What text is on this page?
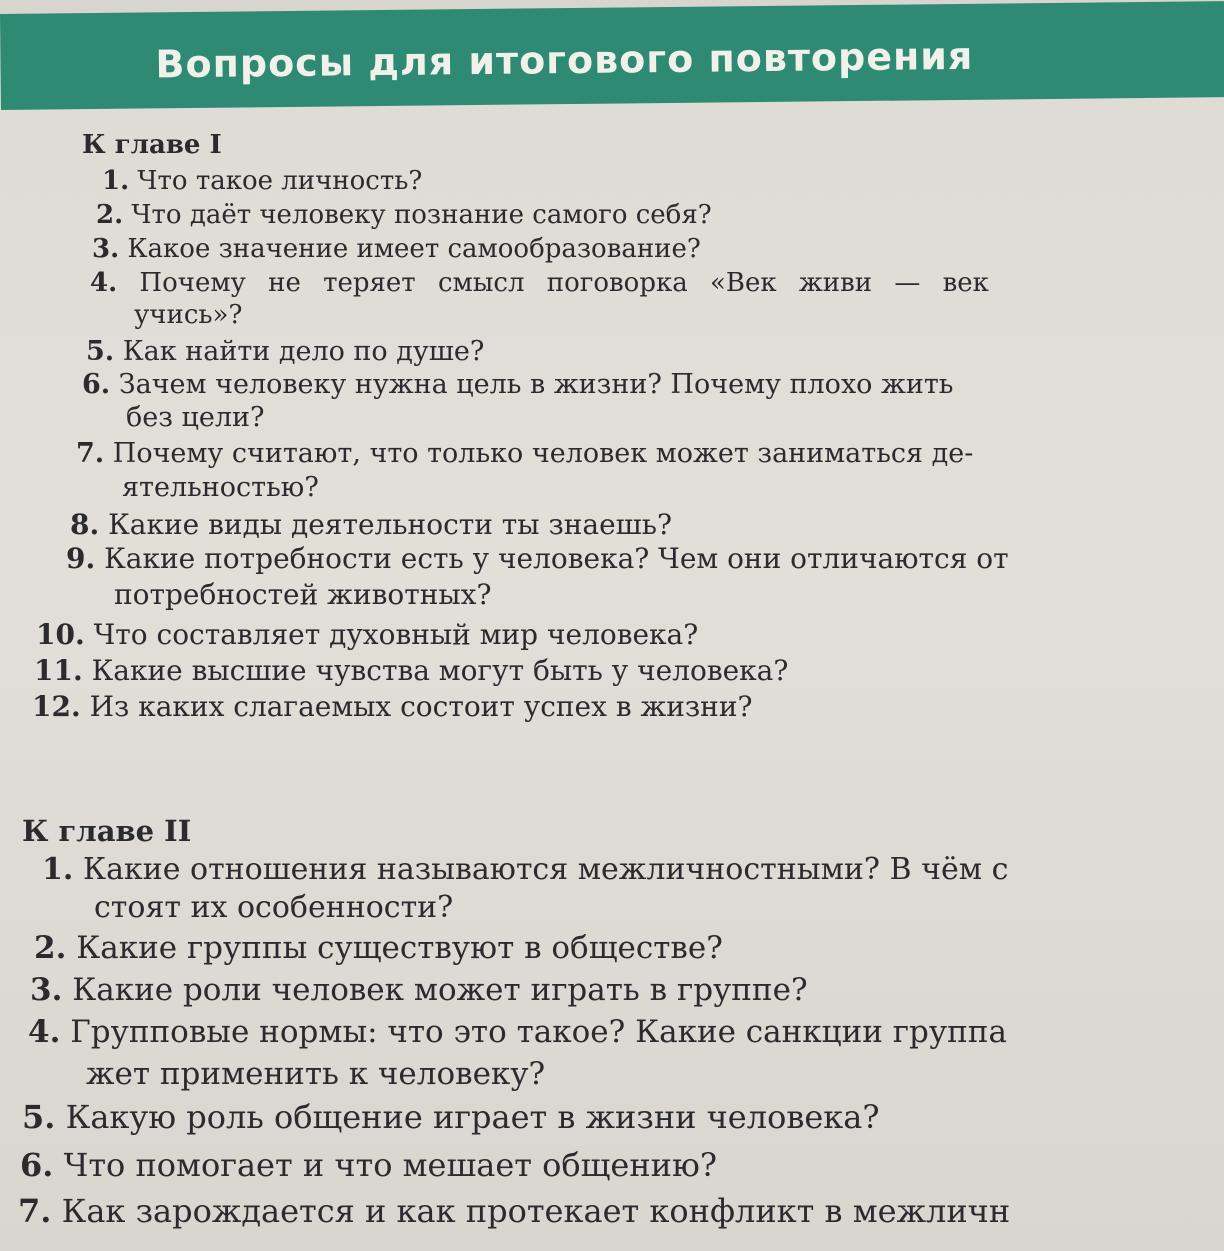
Вопросы для итогового повторения
К главе I
1. Что такое личность?
2. Что даёт человеку познание самого себя?
3. Какое значение имеет самообразование?
4. Почему не теряет смысл поговорка «Век живи — век
учись»?
5. Как найти дело по душе?
6. Зачем человеку нужна цель в жизни? Почему плохо жить
без цели?
7. Почему считают, что только человек может заниматься де-
ятельностью?
8. Какие виды деятельности ты знаешь?
9. Какие потребности есть у человека? Чем они отличаются от
потребностей животных?
10. Что составляет духовный мир человека?
11. Какие высшие чувства могут быть у человека?
12. Из каких слагаемых состоит успех в жизни?
К главе II
1. Какие отношения называются межличностными? В чём с
стоят их особенности?
2. Какие группы существуют в обществе?
3. Какие роли человек может играть в группе?
4. Групповые нормы: что это такое? Какие санкции группа
жет применить к человеку?
5. Какую роль общение играет в жизни человека?
6. Что помогает и что мешает общению?
7. Как зарождается и как протекает конфликт в межличн
